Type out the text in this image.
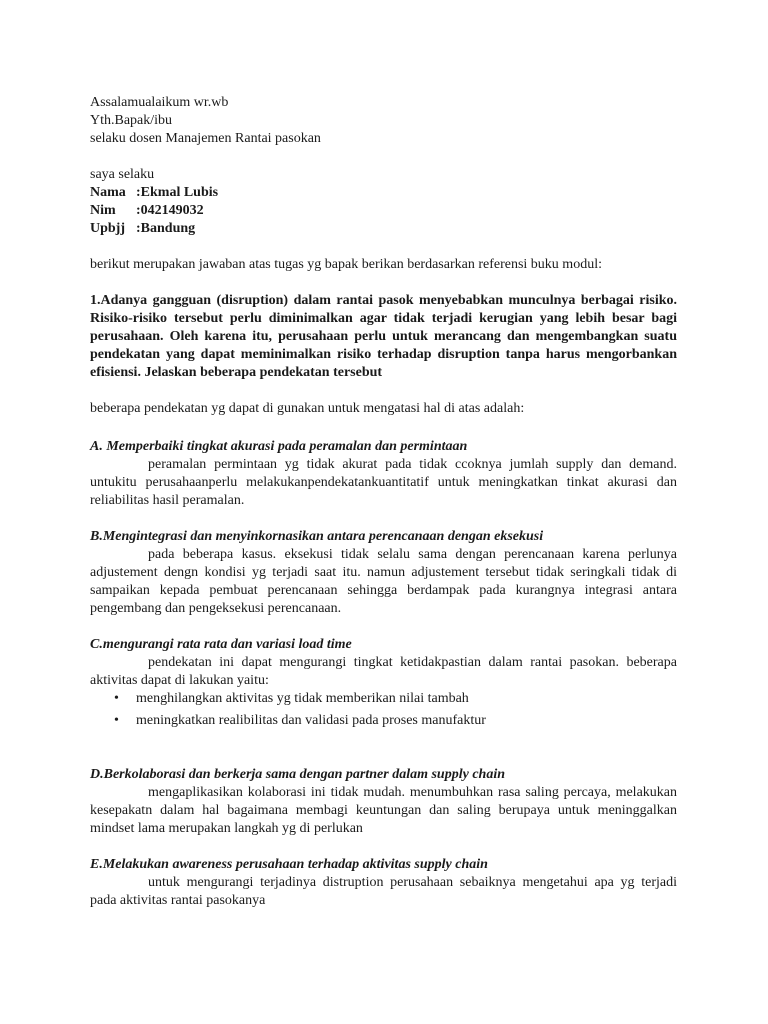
Assalamualaikum wr.wb

Yth.Bapak/ibu

selaku dosen Manajemen Rantai pasokan

saya selaku

Nama :Ekmal Lubis
Nim	:042149032
Upbjj :Bandung

berikut merupakan jawaban atas tugas yg bapak berikan berdasarkan referensi buku modul:

1.Adanya gangguan (disruption) dalam rantai pasok menyebabkan munculnya berbagai risiko. Risiko-risiko tersebut perlu diminimalkan agar tidak terjadi kerugian yang lebih besar bagi perusahaan. Oleh karena itu, perusahaan perlu untuk merancang dan mengembangkan suatu pendekatan yang dapat meminimalkan risiko terhadap disruption tanpa harus mengorbankan efisiensi. Jelaskan beberapa pendekatan tersebut

beberapa pendekatan yg dapat di gunakan untuk mengatasi hal di atas adalah:

A. Memperbaiki tingkat akurasi pada peramalan dan permintaan

peramalan permintaan yg tidak akurat pada tidak ccoknya jumlah supply dan demand. untukitu perusahaanperlu melakukanpendekatankuantitatif untuk meningkatkan tinkat akurasi dan reliabilitas hasil peramalan.

B.Mengintegrasi dan menyinkornasikan antara perencanaan dengan eksekusi

pada beberapa kasus. eksekusi tidak selalu sama dengan perencanaan karena perlunya adjustement dengn kondisi yg terjadi saat itu. namun adjustement tersebut tidak seringkali tidak di sampaikan kepada pembuat perencanaan sehingga berdampak pada kurangnya integrasi antara pengembang dan pengeksekusi perencanaan.

C.mengurangi rata rata dan variasi load time

pendekatan ini dapat mengurangi tingkat ketidakpastian dalam rantai pasokan. beberapa aktivitas dapat di lakukan yaitu:

• menghilangkan aktivitas yg tidak memberikan nilai tambah
• meningkatkan realibilitas dan validasi pada proses manufaktur

D.Berkolaborasi dan berkerja sama dengan partner dalam supply chain

mengaplikasikan kolaborasi ini tidak mudah. menumbuhkan rasa saling percaya, melakukan kesepakatn dalam hal bagaimana membagi keuntungan dan saling berupaya untuk meninggalkan mindset lama merupakan langkah yg di perlukan

E.Melakukan awareness perusahaan terhadap aktivitas supply chain

untuk mengurangi terjadinya distruption perusahaan sebaiknya mengetahui apa yg terjadi pada aktivitas rantai pasokanya
